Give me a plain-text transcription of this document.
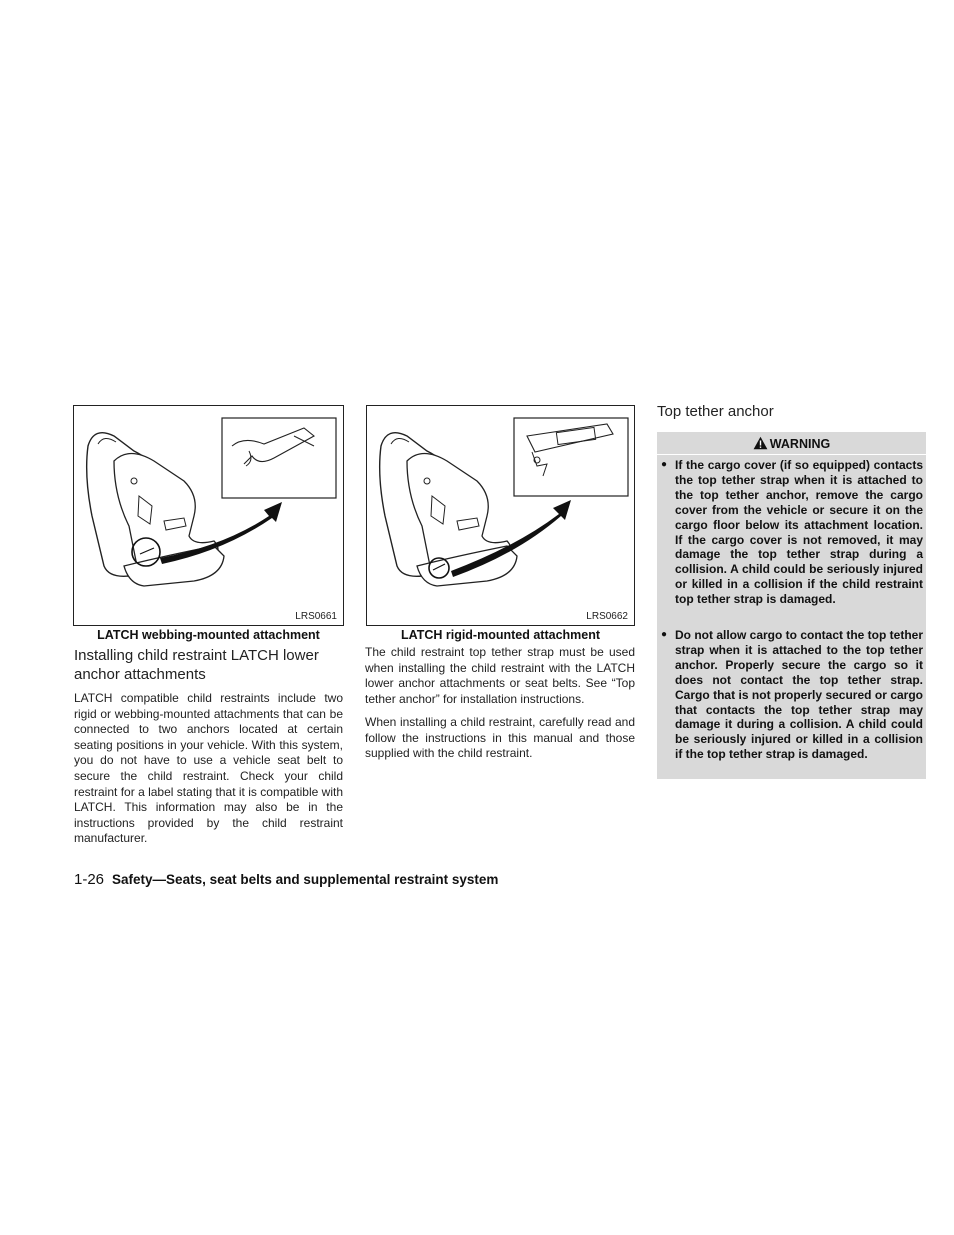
LRS0661
LATCH webbing-mounted attachment
LRS0662
LATCH rigid-mounted attachment
Installing child restraint LATCH lower
anchor attachments

LATCH compatible child restraints include two rigid or webbing-mounted attachments that can be connected to two anchors located at certain seating positions in your vehicle. With this system, you do not have to use a vehicle seat belt to secure the child restraint. Check your child restraint for a label stating that it is compatible with LATCH. This information may also be in the instructions provided by the child restraint manufacturer.

The child restraint top tether strap must be used when installing the child restraint with the LATCH lower anchor attachments or seat belts. See “Top tether anchor” for installation instructions.

When installing a child restraint, carefully read and follow the instructions in this manual and those supplied with the child restraint.

Top tether anchor
WARNING
● If the cargo cover (if so equipped) contacts the top tether strap when it is attached to the top tether anchor, remove the cargo cover from the vehicle or secure it on the cargo floor below its attachment location. If the cargo cover is not removed, it may damage the top tether strap during a collision. A child could be seriously injured or killed in a collision if the child restraint top tether strap is damaged.

● Do not allow cargo to contact the top tether strap when it is attached to the top tether anchor. Properly secure the cargo so it does not contact the top tether strap. Cargo that is not properly secured or cargo that contacts the top tether strap may damage it during a collision. A child could be seriously injured or killed in a collision if the top tether strap is damaged.

1-26 Safety—Seats, seat belts and supplemental restraint system
